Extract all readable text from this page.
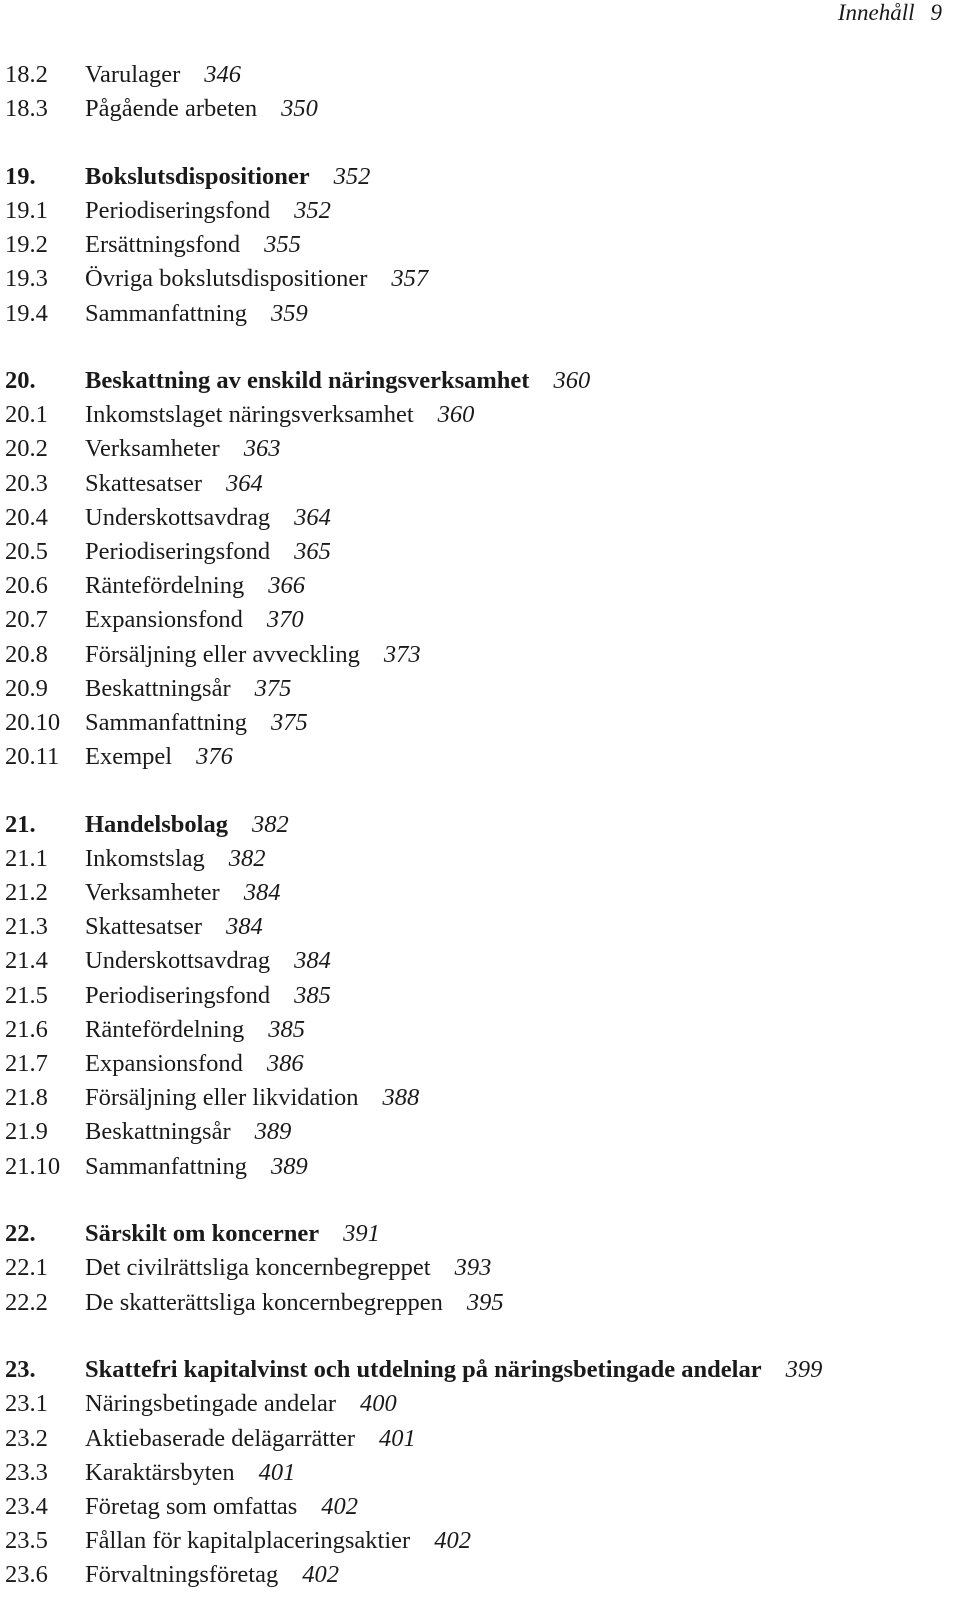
Innehåll 9
18.2	Varulager 346
18.3	Pågående arbeten 350
19.	Bokslutsdispositioner 352
19.1	Periodiseringsfond 352
19.2	Ersättningsfond 355
19.3	Övriga bokslutsdispositioner 357
19.4	Sammanfattning 359
20.	Beskattning av enskild näringsverksamhet 360
20.1	Inkomstslaget näringsverksamhet 360
20.2	Verksamheter 363
20.3	Skattesatser 364
20.4	Underskottsavdrag 364
20.5	Periodiseringsfond 365
20.6	Räntefördelning 366
20.7	Expansionsfond 370
20.8	Försäljning eller avveckling 373
20.9	Beskattningsår 375
20.10	Sammanfattning 375
20.11	Exempel 376
21.	Handelsbolag 382
21.1	Inkomstslag 382
21.2	Verksamheter 384
21.3	Skattesatser 384
21.4	Underskottsavdrag 384
21.5	Periodiseringsfond 385
21.6	Räntefördelning 385
21.7	Expansionsfond 386
21.8	Försäljning eller likvidation 388
21.9	Beskattningsår 389
21.10	Sammanfattning 389
22.	Särskilt om koncerner 391
22.1	Det civilrättsliga koncernbegreppet 393
22.2	De skatterättsliga koncernbegreppen 395
23.	Skattefri kapitalvinst och utdelning på näringsbetingade andelar 399
23.1	Näringsbetingade andelar 400
23.2	Aktiebaserade delägarrätter 401
23.3	Karaktärsbyten 401
23.4	Företag som omfattas 402
23.5	Fållan för kapitalplaceringsaktier 402
23.6	Förvaltningsföretag 402
